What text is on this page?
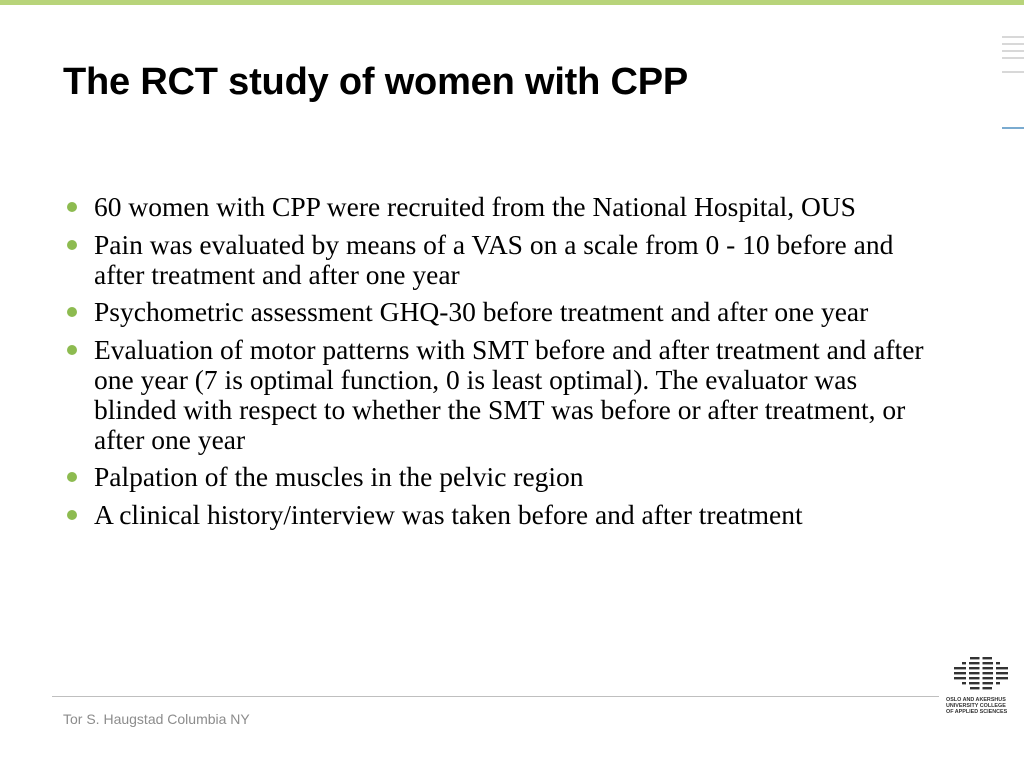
The RCT study of women with CPP
60 women with CPP were recruited from the National Hospital, OUS
Pain was evaluated by means of a VAS on a scale from 0 - 10 before and after treatment and after one year
Psychometric assessment GHQ-30 before treatment and after one year
Evaluation of motor patterns with SMT before and after treatment and after one year (7 is optimal function, 0 is least optimal). The evaluator was blinded with respect to whether the SMT was before or after treatment, or after one year
Palpation of the muscles in the pelvic region
A clinical history/interview was taken before and after treatment
Tor S. Haugstad Columbia NY
OSLO AND AKERSHUS
UNIVERSITY COLLEGE
OF APPLIED SCIENCES
